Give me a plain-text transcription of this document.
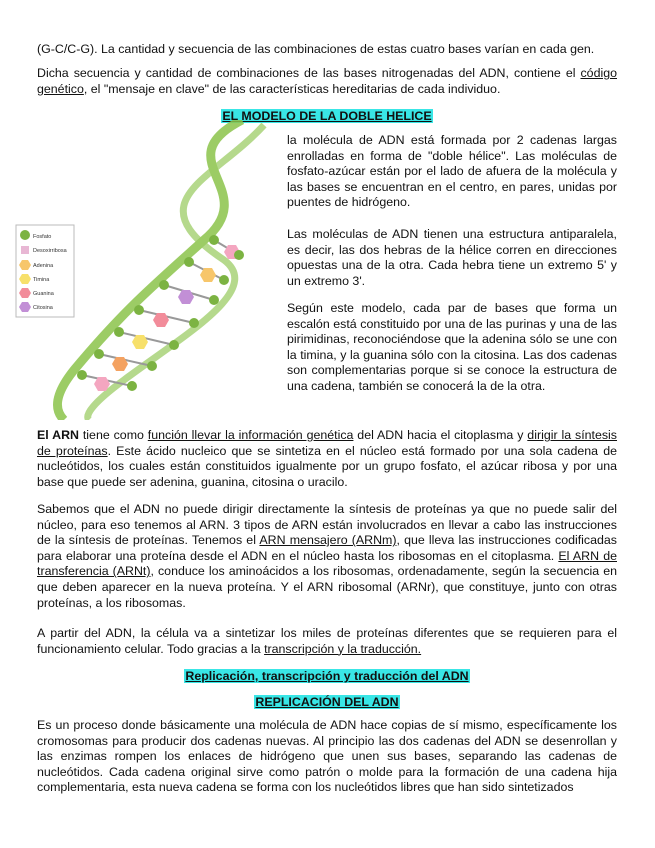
(G-C/C-G). La cantidad y secuencia de las combinaciones de estas cuatro bases varían en cada gen.

Dicha secuencia y cantidad de combinaciones de las bases nitrogenadas del ADN, contiene el código genético, el "mensaje en clave" de las características hereditarias de cada individuo.

EL MODELO DE LA DOBLE HELICE

Fosfato
Desoxirribosa
Adenina
Timina
Guanina
Citosina

la molécula de ADN está formada por 2 cadenas largas enrolladas en forma de "doble hélice". Las moléculas de fosfato-azúcar están por el lado de afuera de la molécula y las bases se encuentran en el centro, en pares, unidas por puentes de hidrógeno.

Las moléculas de ADN tienen una estructura antiparalela, es decir, las dos hebras de la hélice corren en direcciones opuestas una de la otra. Cada hebra tiene un extremo 5' y un extremo 3'.

Según este modelo, cada par de bases que forma un escalón está constituido por una de las purinas y una de las pirimidinas, reconociéndose que la adenina sólo se une con la timina, y la guanina sólo con la citosina. Las dos cadenas son complementarias porque si se conoce la estructura de una cadena, también se conocerá la de la otra.

El ARN tiene como función llevar la información genética del ADN hacia el citoplasma y dirigir la síntesis de proteínas. Este ácido nucleico que se sintetiza en el núcleo está formado por una sola cadena de nucleótidos, los cuales están constituidos igualmente por un grupo fosfato, el azúcar ribosa y por una base que puede ser adenina, guanina, citosina o uracilo.

Sabemos que el ADN no puede dirigir directamente la síntesis de proteínas ya que no puede salir del núcleo, para eso tenemos al ARN. 3 tipos de ARN están involucrados en llevar a cabo las instrucciones de la síntesis de proteínas. Tenemos el ARN mensajero (ARNm), que lleva las instrucciones codificadas para elaborar una proteína desde el ADN en el núcleo hasta los ribosomas en el citoplasma. El ARN de transferencia (ARNt), conduce los aminoácidos a los ribosomas, ordenadamente, según la secuencia en que deben aparecer en la nueva proteína. Y el ARN ribosomal (ARNr), que constituye, junto con otras proteínas, a los ribosomas.

A partir del ADN, la célula va a sintetizar los miles de proteínas diferentes que se requieren para el funcionamiento celular. Todo gracias a la transcripción y la traducción.

Replicación, transcripción y traducción del ADN

REPLICACIÓN DEL ADN

Es un proceso donde básicamente una molécula de ADN hace copias de sí mismo, específicamente los cromosomas para producir dos cadenas nuevas. Al principio las dos cadenas del ADN se desenrollan y las enzimas rompen los enlaces de hidrógeno que unen sus bases, separando las cadenas de nucleótidos. Cada cadena original sirve como patrón o molde para la formación de una cadena hija complementaria, esta nueva cadena se forma con los nucleótidos libres que han sido sintetizados
